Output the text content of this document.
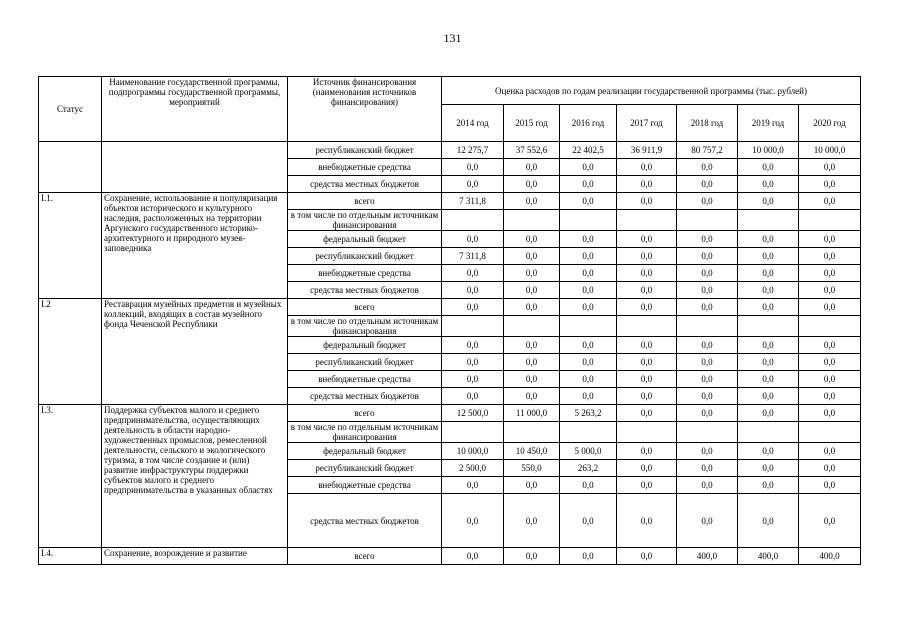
131
Статус	Наименование государственной программы, подпрограммы государственной программы, мероприятий	Источник финансирования (наименования источников финансирования)	Оценка расходов по годам реализации государственной программы (тыс. рублей)						
			2014 год	2015 год	2016 год	2017 год	2018 год	2019 год	2020 год
		республиканский бюджет	12 275,7	37 552,6	22 402,5	36 911,9	80 757,2	10 000,0	10 000,0
		внебюджетные средства	0,0	0,0	0,0	0,0	0,0	0,0	0,0
		средства местных бюджетов	0,0	0,0	0,0	0,0	0,0	0,0	0,0
I.1.	Сохранение, использование и популяризация объектов исторического и культурного наследия, расположенных на территории Аргунского государственного историко-архитектурного и природного музея-заповедника	всего	7 311,8	0,0	0,0	0,0	0,0	0,0	0,0
		в том числе по отдельным источникам финансирования							
		федеральный бюджет	0,0	0,0	0,0	0,0	0,0	0,0	0,0
		республиканский бюджет	7 311,8	0,0	0,0	0,0	0,0	0,0	0,0
		внебюджетные средства	0,0	0,0	0,0	0,0	0,0	0,0	0,0
		средства местных бюджетов	0,0	0,0	0,0	0,0	0,0	0,0	0,0
I.2	Реставрация музейных предметов и музейных коллекций, входящих в состав музейного фонда Чеченской Республики	всего	0,0	0,0	0,0	0,0	0,0	0,0	0,0
		в том числе по отдельным источникам финансирования							
		федеральный бюджет	0,0	0,0	0,0	0,0	0,0	0,0	0,0
		республиканский бюджет	0,0	0,0	0,0	0,0	0,0	0,0	0,0
		внебюджетные средства	0,0	0,0	0,0	0,0	0,0	0,0	0,0
		средства местных бюджетов	0,0	0,0	0,0	0,0	0,0	0,0	0,0
I.3.	Поддержка субъектов малого и среднего предпринимательства, осуществляющих деятельность в области народно-художественных промыслов, ремесленной деятельности, сельского и экологического туризма, в том числе создание и (или) развитие инфраструктуры поддержки субъектов малого и среднего предпринимательства в указанных областях	всего	12 500,0	11 000,0	5 263,2	0,0	0,0	0,0	0,0
		в том числе по отдельным источникам финансирования							
		федеральный бюджет	10 000,0	10 450,0	5 000,0	0,0	0,0	0,0	0,0
		республиканский бюджет	2 500,0	550,0	263,2	0,0	0,0	0,0	0,0
		внебюджетные средства	0,0	0,0	0,0	0,0	0,0	0,0	0,0
		средства местных бюджетов	0,0	0,0	0,0	0,0	0,0	0,0	0,0
I.4.	Сохранение, возрождение и развитие	всего	0,0	0,0	0,0	0,0	400,0	400,0	400,0
